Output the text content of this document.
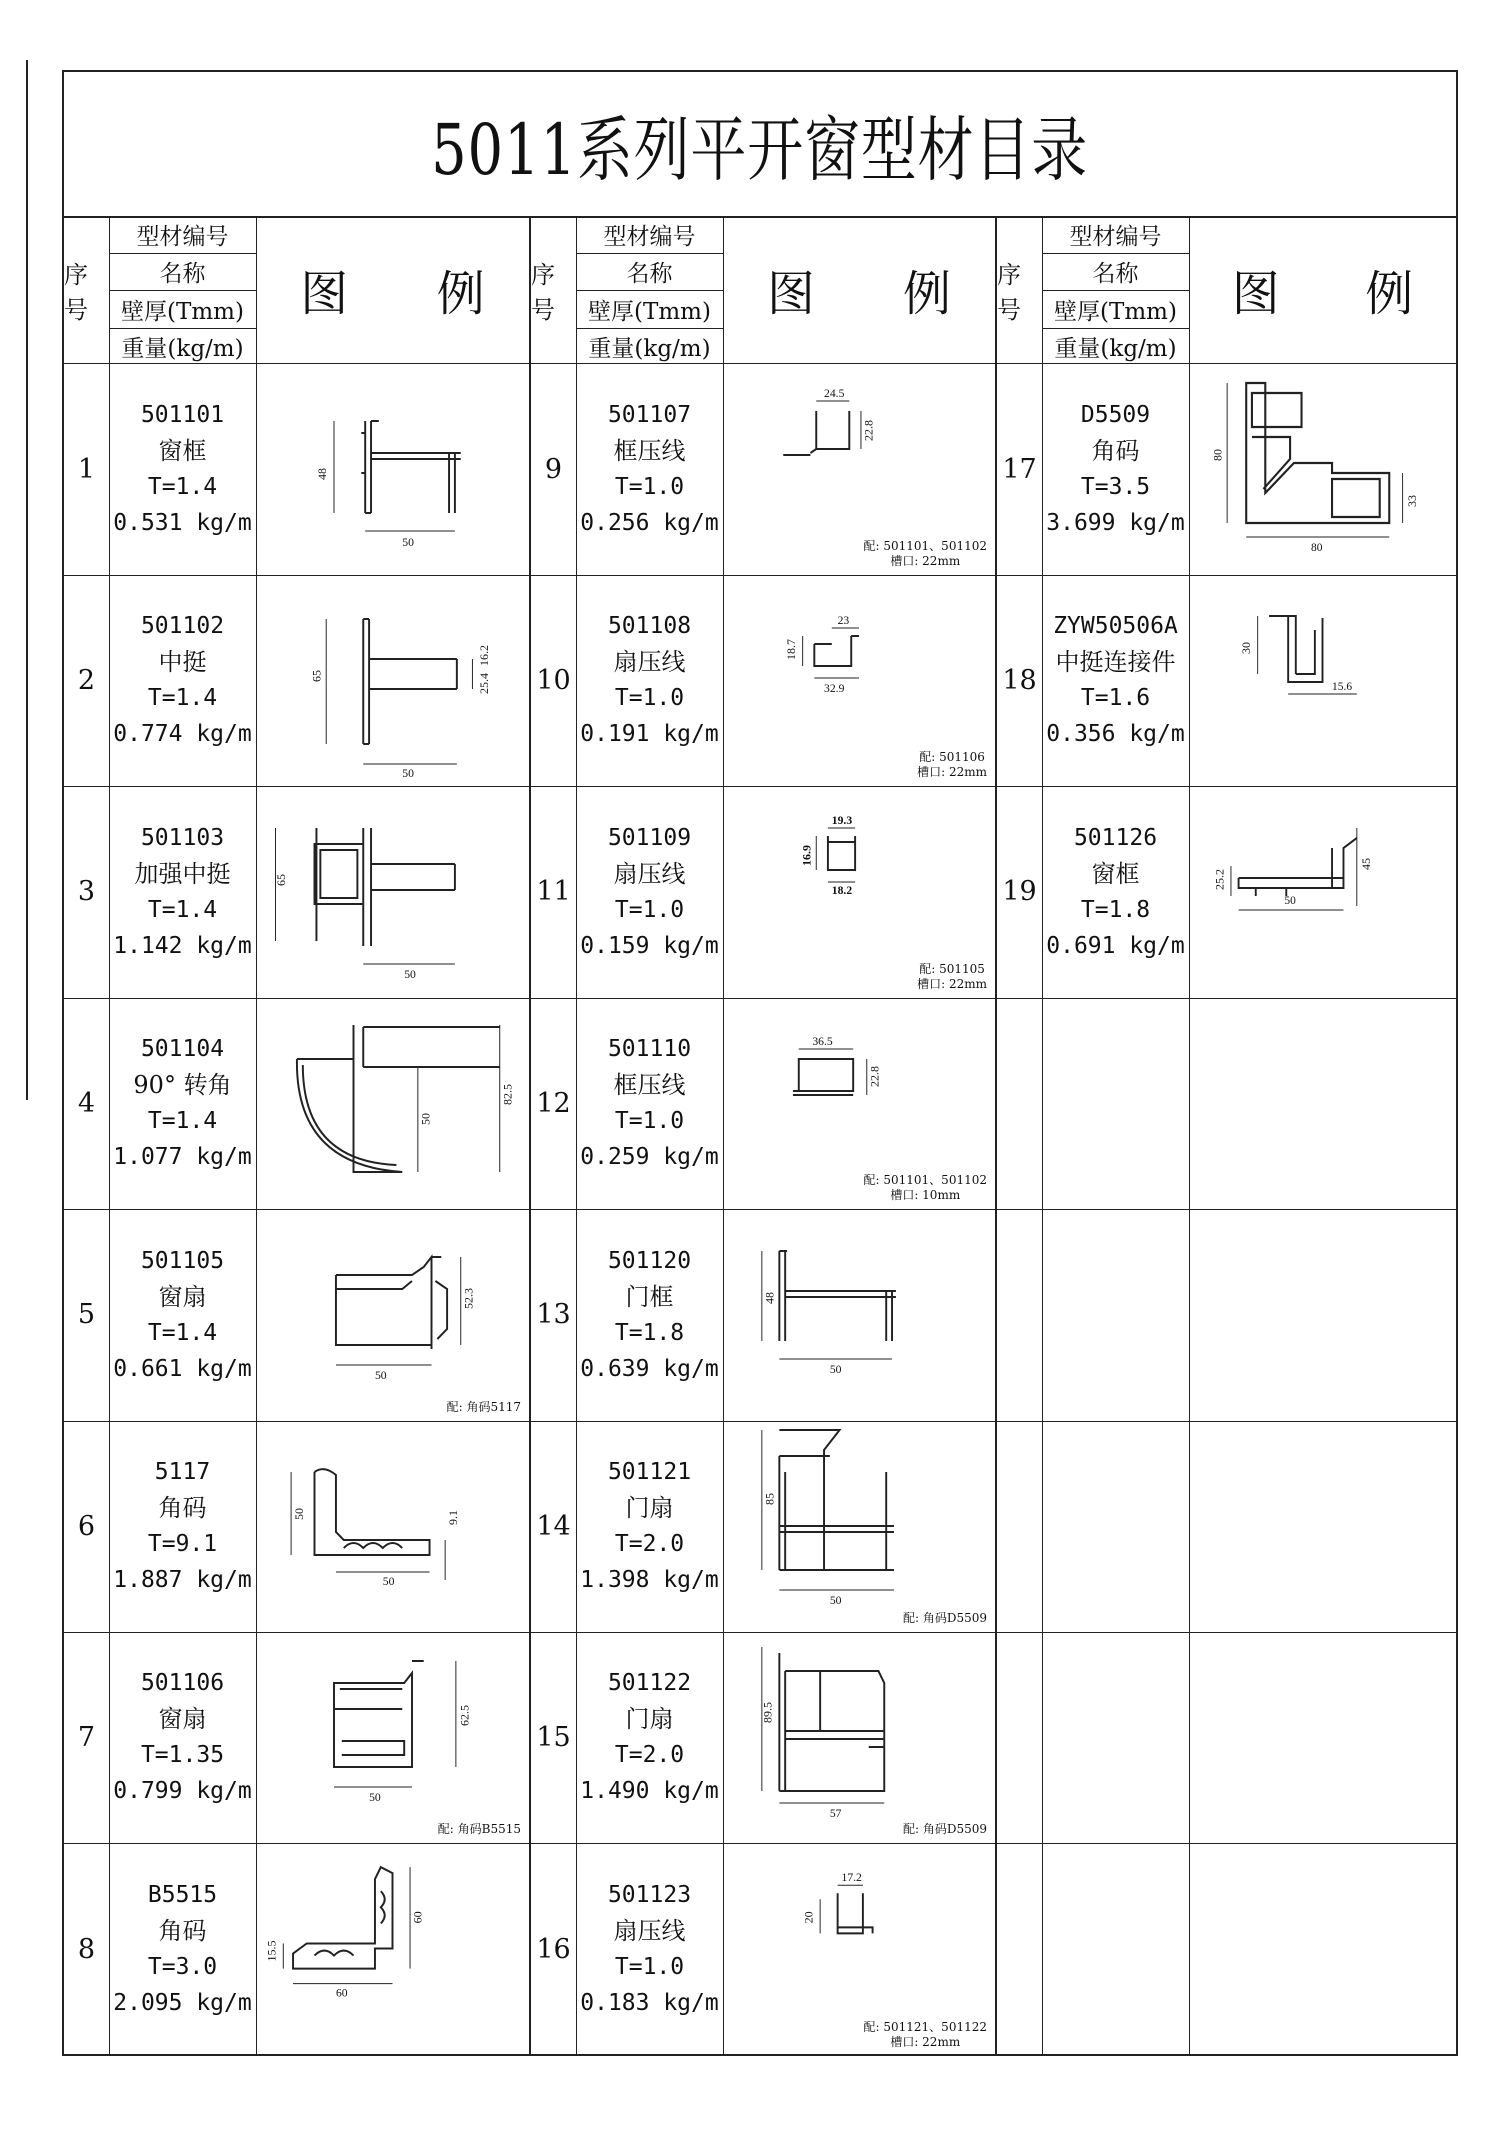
5011系列平开窗型材目录
序号
型材编号
名称
壁厚(Tmm)
重量(kg/m)
图 例
1
501101
窗框
T=1.4
0.531 kg/m
50
48
2
501102
中挺
T=1.4
0.774 kg/m
65
16.2
25.4
50
3
501103
加强中挺
T=1.4
1.142 kg/m
65
50
4
501104
90° 转角
T=1.4
1.077 kg/m
82.5
50
5
501105
窗扇
T=1.4
0.661 kg/m
52.3
50
配: 角码5117
6
5117
角码
T=9.1
1.887 kg/m
50	9.1
50
7
501106
窗扇
T=1.35
0.799 kg/m
62.5
50
配: 角码B5515
8
B5515
角码
T=3.0
2.095 kg/m
15.5
60
60
序号
型材编号
名称
壁厚(Tmm)
重量(kg/m)
图 例
9
501107
框压线
T=1.0
0.256 kg/m
24.5
22.8
配: 501101、501102
槽口: 22mm
10
501108
扇压线
T=1.0
0.191 kg/m
23
18.7
32.9
配: 501106
槽口: 22mm
11
501109
扇压线
T=1.0
0.159 kg/m
19.3
16.9
18.2
配: 501105
槽口: 22mm
12
501110
框压线
T=1.0
0.259 kg/m
36.5
22.8
配: 501101、501102
槽口: 10mm
13
501120
门框
T=1.8
0.639 kg/m
48
50
14
501121
门扇
T=2.0
1.398 kg/m
85
50
配: 角码D5509
15
501122
门扇
T=2.0
1.490 kg/m
89.5
57
配: 角码D5509
16
501123
扇压线
T=1.0
0.183 kg/m
17.2
20
配: 501121、501122
槽口: 22mm
序号
型材编号
名称
壁厚(Tmm)
重量(kg/m)
图 例
17
D5509
角码
T=3.5
3.699 kg/m
80
80
33
18
ZYW50506A
中挺连接件
T=1.6
0.356 kg/m
30
15.6
19
501126
窗框
T=1.8
0.691 kg/m
25.2
50
45
